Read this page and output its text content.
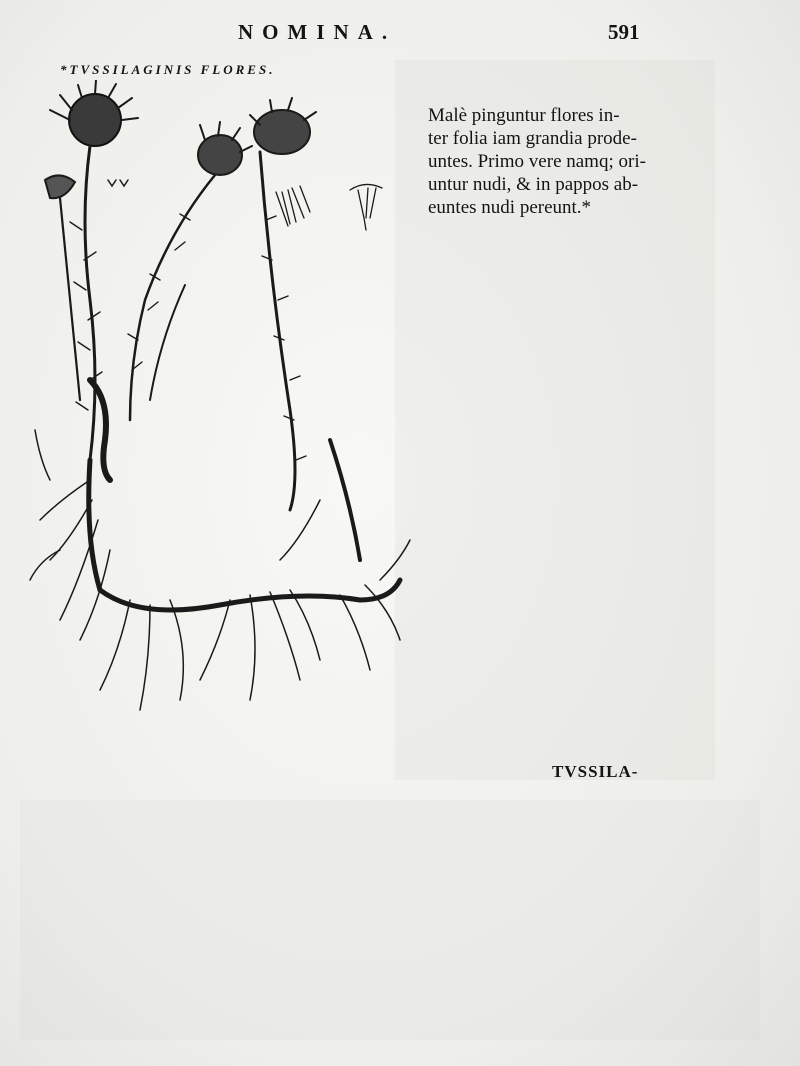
NOMINA.	591
*TVSSILAGINIS FLORES.
Malè pinguntur flores in-
ter folia iam grandia prode-
untes. Primo vere namq; ori-
untur nudi, & in pappos ab-
euntes nudi pereunt.*
TVSSILA-
